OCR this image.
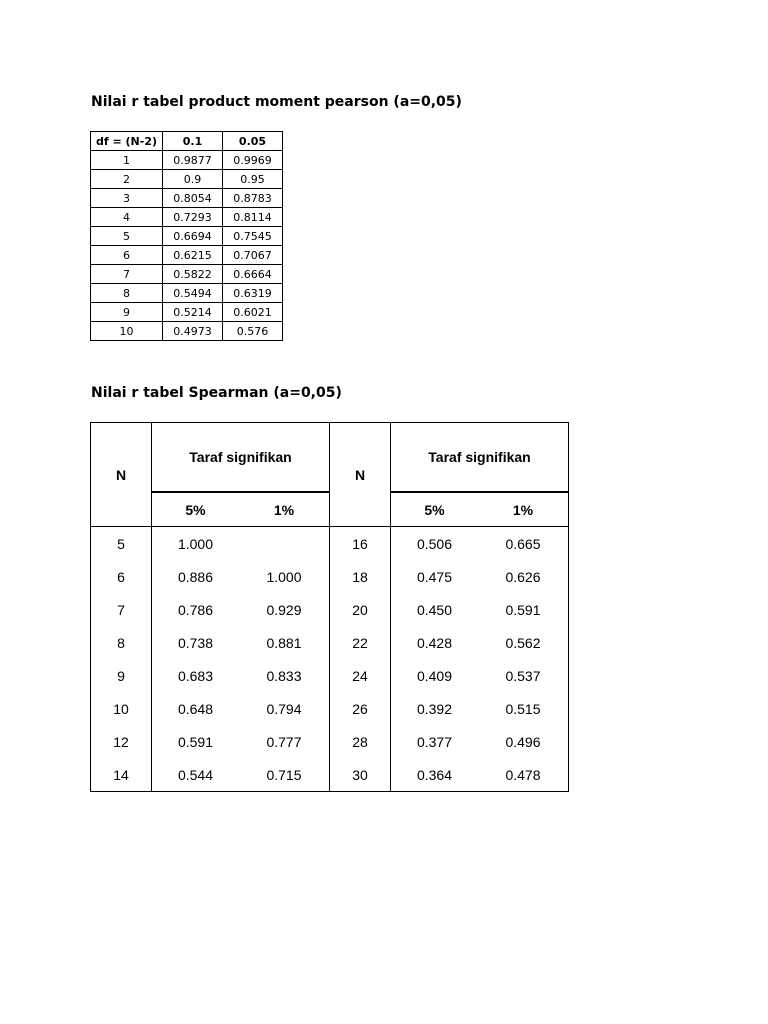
Nilai r tabel product moment pearson (a=0,05)
df = (N-2)	0.1	0.05
1	0.9877	0.9969
2	0.9	0.95
3	0.8054	0.8783
4	0.7293	0.8114
5	0.6694	0.7545
6	0.6215	0.7067
7	0.5822	0.6664
8	0.5494	0.6319
9	0.5214	0.6021
10	0.4973	0.576
Nilai r tabel Spearman (a=0,05)
N	Taraf signifikan		N	Taraf signifikan	
	5%	1%		5%	1%
5	1.000		16	0.506	0.665
6	0.886	1.000	18	0.475	0.626
7	0.786	0.929	20	0.450	0.591
8	0.738	0.881	22	0.428	0.562
9	0.683	0.833	24	0.409	0.537
10	0.648	0.794	26	0.392	0.515
12	0.591	0.777	28	0.377	0.496
14	0.544	0.715	30	0.364	0.478
